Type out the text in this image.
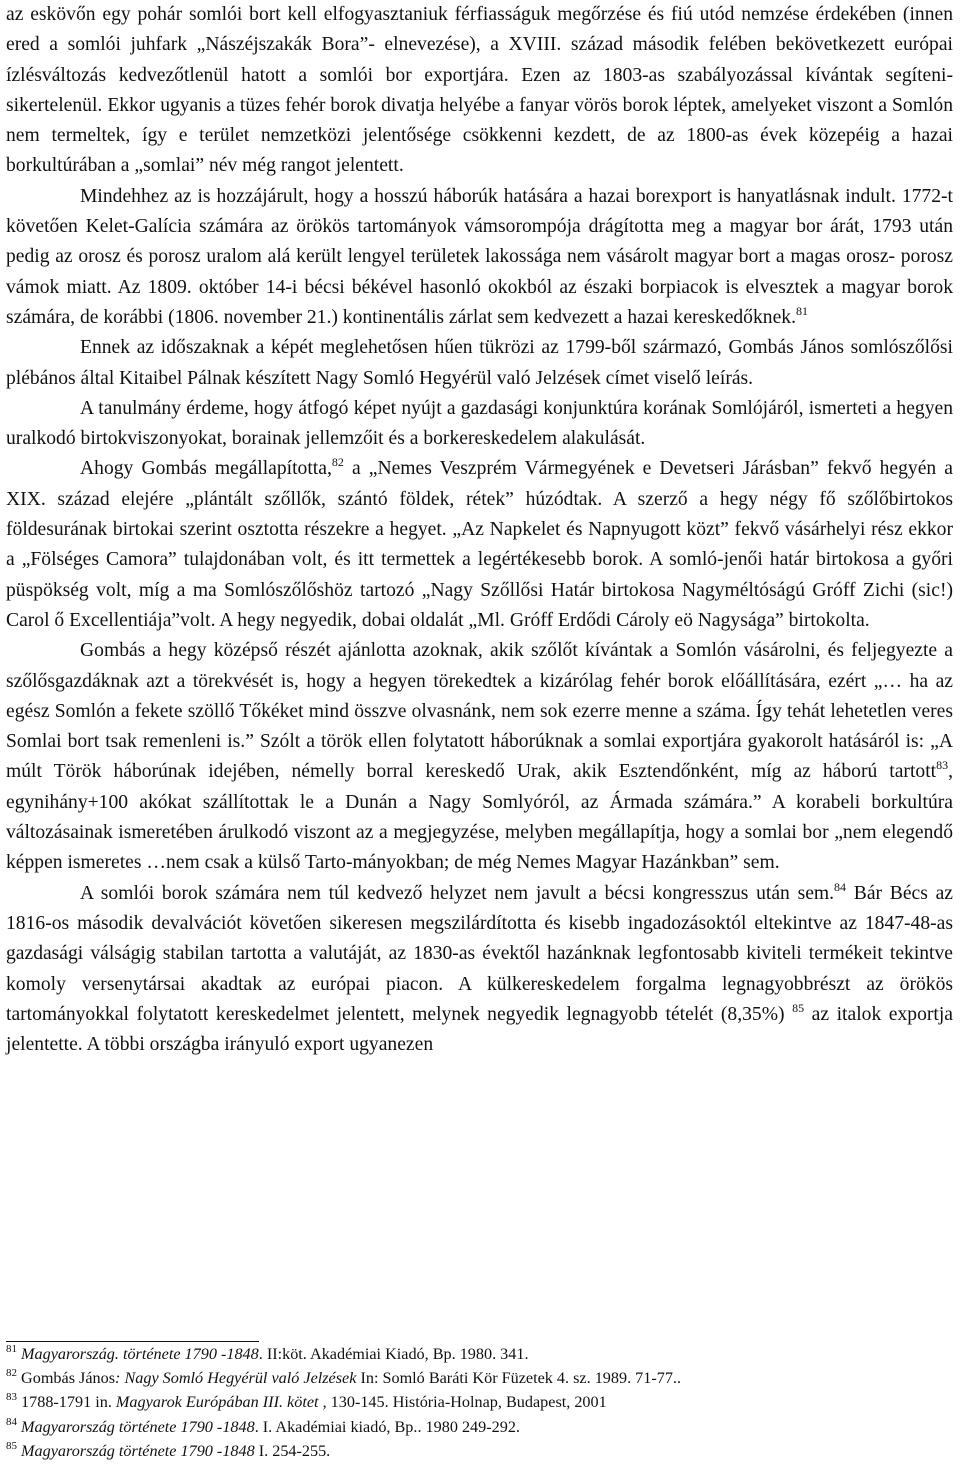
az eskövőn egy pohár somlói bort kell elfogyasztaniuk férfiasságuk megőrzése és fiú utód nemzése érdekében (innen ered a somlói juhfark „Nászéjszakák Bora”- elnevezése), a XVIII. század második felében bekövetkezett európai ízlésváltozás kedvezőtlenül hatott a somlói bor exportjára. Ezen az 1803-as szabályozással kívántak segíteni- sikertelenül. Ekkor ugyanis a tüzes fehér borok divatja helyébe a fanyar vörös borok léptek, amelyeket viszont a Somlón nem termeltek, így e terület nemzetközi jelentősége csökkenni kezdett, de az 1800-as évek közepéig a hazai borkultúrában a „somlai” név még rangot jelentett.

Mindehhez az is hozzájárult, hogy a hosszú háborúk hatására a hazai borexport is hanyatlásnak indult. 1772-t követően Kelet-Galícia számára az örökös tartományok vámsorompója drágította meg a magyar bor árát, 1793 után pedig az orosz és porosz uralom alá került lengyel területek lakossága nem vásárolt magyar bort a magas orosz- porosz vámok miatt. Az 1809. október 14-i bécsi békével hasonló okokból az északi borpiacok is elvesztek a magyar borok számára, de korábbi (1806. november 21.) kontinentális zárlat sem kedvezett a hazai kereskedőknek.$^{81}$

Ennek az időszaknak a képét meglehetősen hűen tükrözi az 1799-ből származó, Gombás János somlószőlősi plébános által Kitaibel Pálnak készített Nagy Somló Hegyérül való Jelzések címet viselő leírás.

A tanulmány érdeme, hogy átfogó képet nyújt a gazdasági konjunktúra korának Somlójáról, ismerteti a hegyen uralkodó birtokviszonyokat, borainak jellemzőit és a borkereskedelem alakulását.

Ahogy Gombás megállapította,$^{82}$ a „Nemes Veszprém Vármegyének e Devetseri Járásban” fekvő hegyén a XIX. század elejére „plántált szőllők, szántó földek, rétek” húzódtak. A szerző a hegy négy fő szőlőbirtokos földesurának birtokai szerint osztotta részekre a hegyet. „Az Napkelet és Napnyugott közt” fekvő vásárhelyi rész ekkor a „Fölséges Camora” tulajdonában volt, és itt termettek a legértékesebb borok. A somló-jenői határ birtokosa a győri püspökség volt, míg a ma Somlószőlőshöz tartozó „Nagy Szőllősi Határ birtokosa Nagyméltóságú Gróff Zichi (sic!) Carol ő Excellentiája”volt. A hegy negyedik, dobai oldalát „Ml. Gróff Erdődi Cároly eö Nagysága” birtokolta.

Gombás a hegy középső részét ajánlotta azoknak, akik szőlőt kívántak a Somlón vásárolni, és feljegyezte a szőlősgazdáknak azt a törekvését is, hogy a hegyen törekedtek a kizárólag fehér borok előállítására, ezért „… ha az egész Somlón a fekete szöllő Tőkéket mind összve olvasnánk, nem sok ezerre menne a száma. Így tehát lehetetlen veres Somlai bort tsak remenleni is.” Szólt a török ellen folytatott háborúknak a somlai exportjára gyakorolt hatásáról is: „A múlt Török háborúnak idejében, némelly borral kereskedő Urak, akik Esztendőnként, míg az háború tartott$^{83}$, egynihány+100 akókat szállítottak le a Dunán a Nagy Somlyóról, az Ármada számára.” A korabeli borkultúra változásainak ismeretében árulkodó viszont az a megjegyzése, melyben megállapítja, hogy a somlai bor „nem elegendő képpen ismeretes …nem csak a külső Tarto-mányokban; de még Nemes Magyar Hazánkban” sem.

A somlói borok számára nem túl kedvező helyzet nem javult a bécsi kongresszus után sem.$^{84}$ Bár Bécs az 1816-os második devalvációt követően sikeresen megszilárdította és kisebb ingadozásoktól eltekintve az 1847-48-as gazdasági válságig stabilan tartotta a valutáját, az 1830-as évektől hazánknak legfontosabb kiviteli termékeit tekintve komoly versenytársai akadtak az európai piacon. A külkereskedelem forgalma legnagyobbrészt az örökös tartományokkal folytatott kereskedelmet jelentett, melynek negyedik legnagyobb tételét (8,35%) $^{85}$ az italok exportja jelentette. A többi országba irányuló export ugyanezen

$^{81}$ Magyarország. története 1790 -1848. II:köt. Akadémiai Kiadó, Bp. 1980. 341.
$^{82}$ Gombás János: Nagy Somló Hegyérül való Jelzések In: Somló Baráti Kör Füzetek 4. sz. 1989. 71-77..
$^{83}$ 1788-1791 in. Magyarok Európában III. kötet , 130-145. História-Holnap, Budapest, 2001
$^{84}$ Magyarország története 1790 -1848. I. Akadémiai kiadó, Bp.. 1980 249-292.
$^{85}$ Magyarország története 1790 -1848 I. 254-255.
